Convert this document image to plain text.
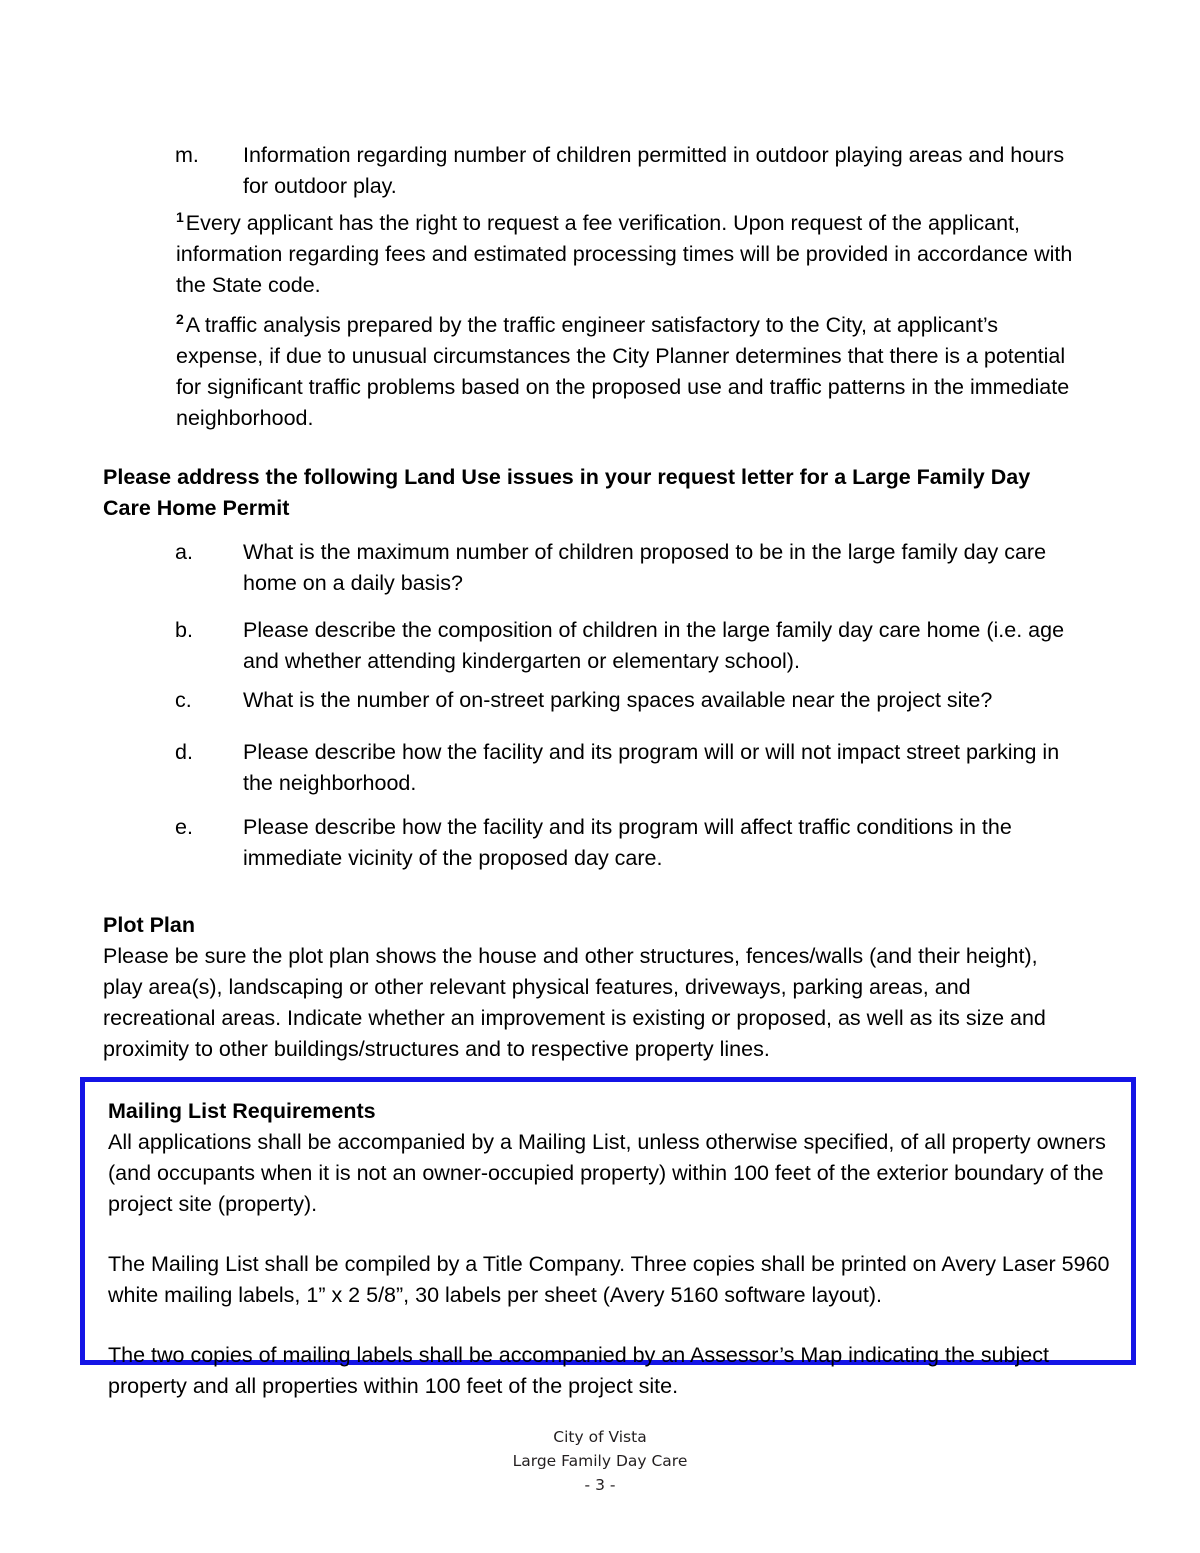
m.	Information regarding number of children permitted in outdoor playing areas and hours for outdoor play.

$^1$Every applicant has the right to request a fee verification. Upon request of the applicant, information regarding fees and estimated processing times will be provided in accordance with the State code.

$^2$A traffic analysis prepared by the traffic engineer satisfactory to the City, at applicant’s expense, if due to unusual circumstances the City Planner determines that there is a potential for significant traffic problems based on the proposed use and traffic patterns in the immediate neighborhood.

Please address the following Land Use issues in your request letter for a Large Family Day Care Home Permit

a.	What is the maximum number of children proposed to be in the large family day care home on a daily basis?
b.	Please describe the composition of children in the large family day care home (i.e. age and whether attending kindergarten or elementary school).
c.	What is the number of on-street parking spaces available near the project site?
d.	Please describe how the facility and its program will or will not impact street parking in the neighborhood.
e.	Please describe how the facility and its program will affect traffic conditions in the immediate vicinity of the proposed day care.

Plot Plan

Please be sure the plot plan shows the house and other structures, fences/walls (and their height), play area(s), landscaping or other relevant physical features, driveways, parking areas, and recreational areas. Indicate whether an improvement is existing or proposed, as well as its size and proximity to other buildings/structures and to respective property lines.

Mailing List Requirements

All applications shall be accompanied by a Mailing List, unless otherwise specified, of all property owners (and occupants when it is not an owner-occupied property) within 100 feet of the exterior boundary of the project site (property).

The Mailing List shall be compiled by a Title Company. Three copies shall be printed on Avery Laser 5960 white mailing labels, 1” x 2 5/8”, 30 labels per sheet (Avery 5160 software layout).

The two copies of mailing labels shall be accompanied by an Assessor’s Map indicating the subject property and all properties within 100 feet of the project site.

City of Vista
Large Family Day Care
- 3 -
